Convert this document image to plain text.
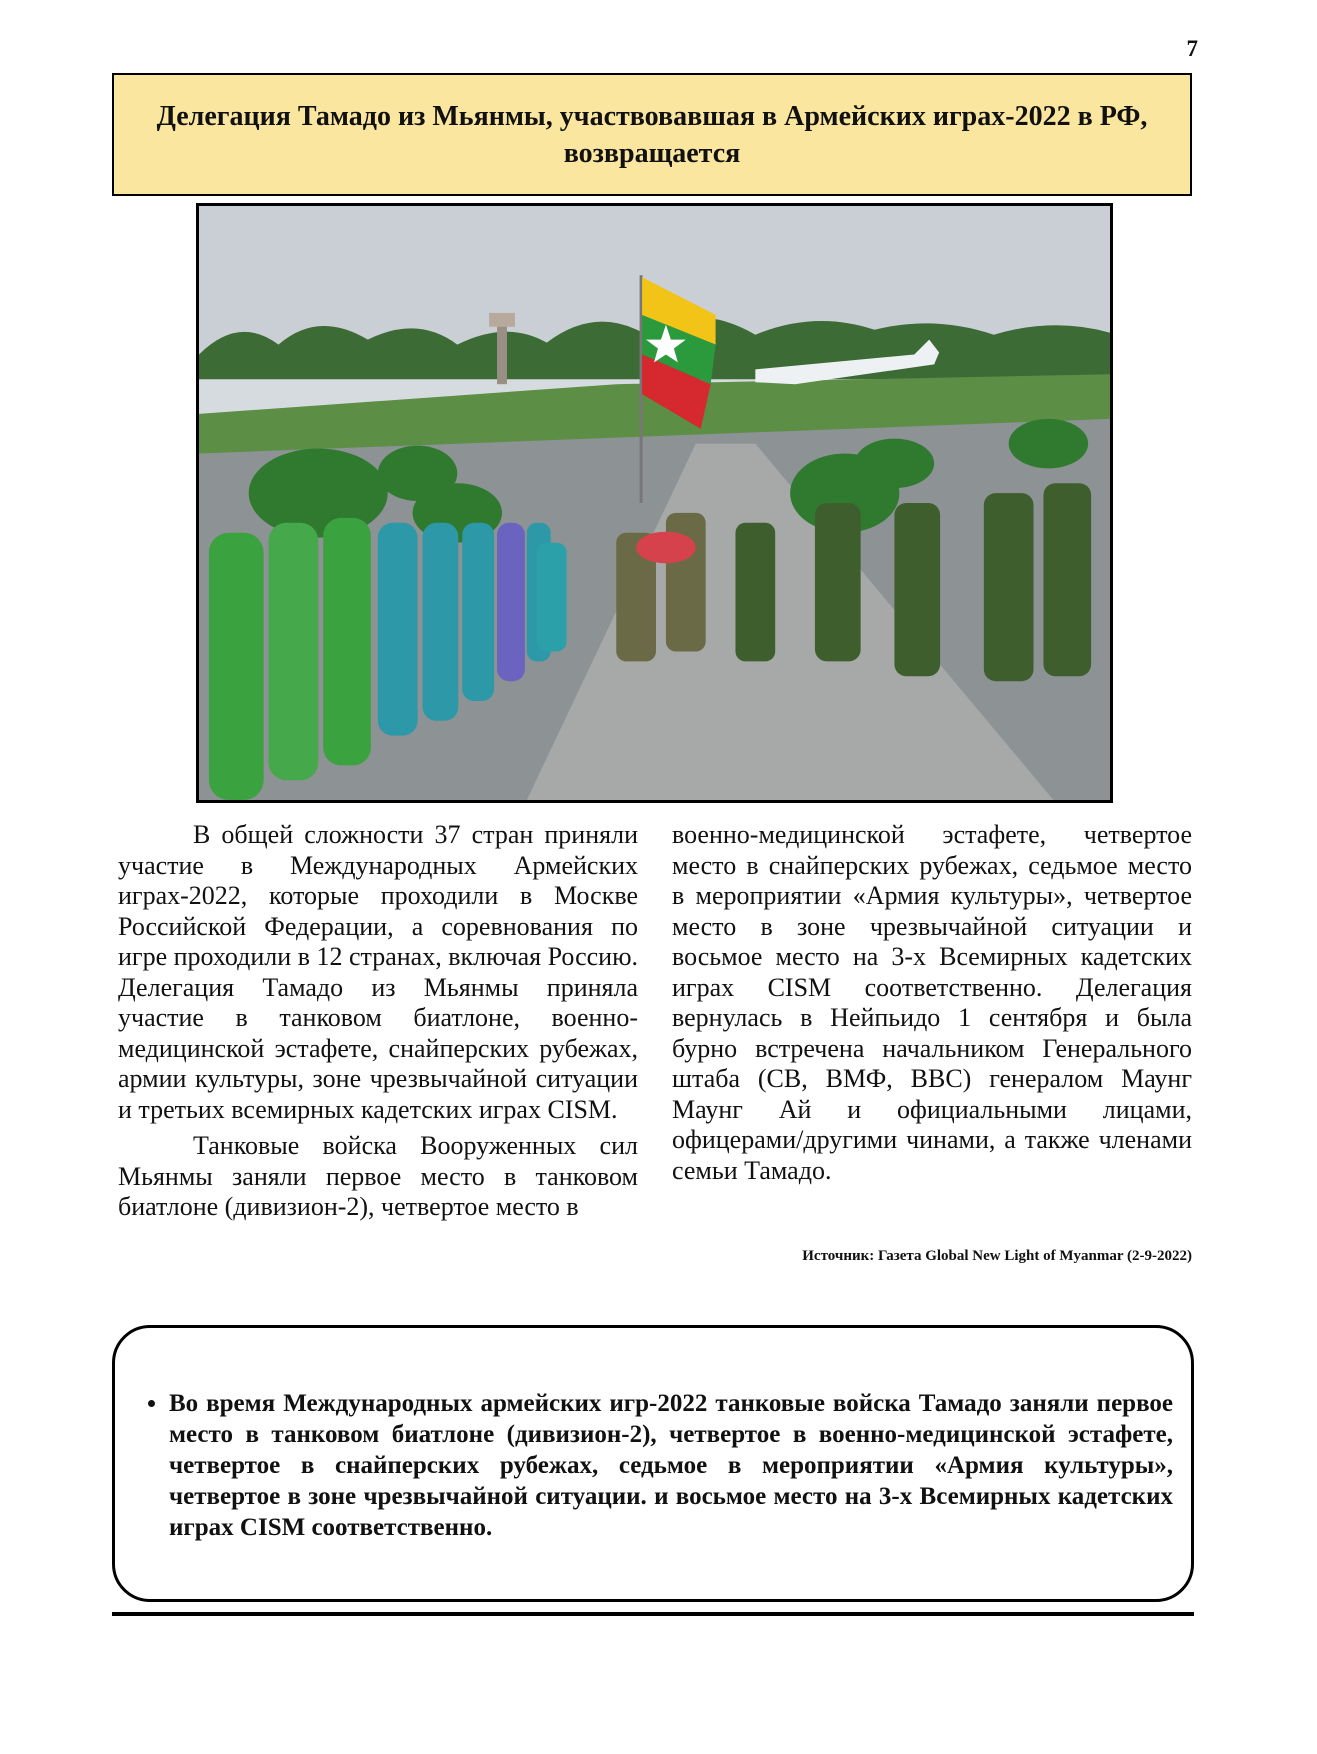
7
Делегация Тамадо из Мьянмы, участвовавшая в Армейских играх-2022 в РФ, возвращается

В общей сложности 37 стран приняли участие в Международных Армейских играх-2022, которые проходили в Москве Российской Федерации, а соревнования по игре проходили в 12 странах, включая Россию. Делегация Тамадо из Мьянмы приняла участие в танковом биатлоне, военно-медицинской эстафете, снайперских рубежах, армии культуры, зоне чрезвычайной ситуации и третьих всемирных кадетских играх CISM.

Танковые войска Вооруженных сил Мьянмы заняли первое место в танковом биатлоне (дивизион-2), четвертое место в

военно-медицинской эстафете, четвертое место в снайперских рубежах, седьмое место в мероприятии «Армия культуры», четвертое место в зоне чрезвычайной ситуации и восьмое место на 3-х Всемирных кадетских играх CISM соответственно. Делегация вернулась в Нейпьидо 1 сентября и была бурно встречена начальником Генерального штаба (СВ, ВМФ, ВВС) генералом Маунг Маунг Ай и официальными лицами, офицерами/другими чинами, а также членами семьи Тамадо.

Источник: Газета Global New Light of Myanmar (2-9-2022)
• Во время Международных армейских игр-2022 танковые войска Тамадо заняли первое место в танковом биатлоне (дивизион-2), четвертое в военно-медицинской эстафете, четвертое в снайперских рубежах, седьмое в мероприятии «Армия культуры», четвертое в зоне чрезвычайной ситуации. и восьмое место на 3-х Всемирных кадетских играх CISM соответственно.
